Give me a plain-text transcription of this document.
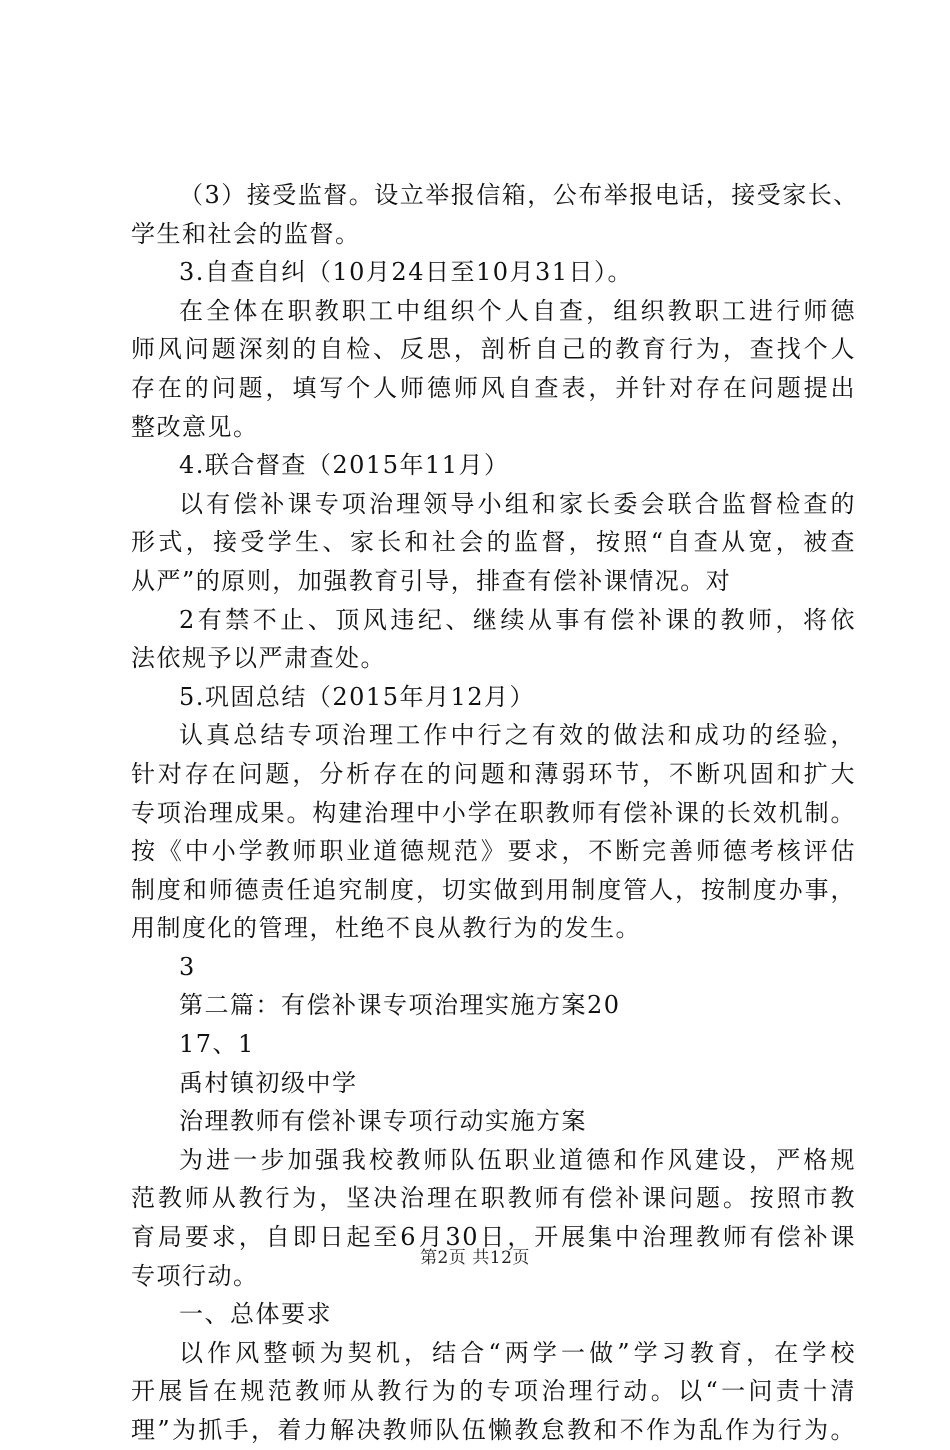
（3）接受监督。设立举报信箱，公布举报电话，接受家长、
学生和社会的监督。
3.自查自纠（10月24日至10月31日）。
在全体在职教职工中组织个人自查，组织教职工进行师德
师风问题深刻的自检、反思，剖析自己的教育行为，查找个人
存在的问题，填写个人师德师风自查表，并针对存在问题提出
整改意见。
4.联合督查（2015年11月）
以有偿补课专项治理领导小组和家长委会联合监督检查的
形式，接受学生、家长和社会的监督，按照“自查从宽，被查
从严”的原则，加强教育引导，排查有偿补课情况。对
2有禁不止、顶风违纪、继续从事有偿补课的教师，将依
法依规予以严肃查处。
5.巩固总结（2015年月12月）
认真总结专项治理工作中行之有效的做法和成功的经验，
针对存在问题，分析存在的问题和薄弱环节，不断巩固和扩大
专项治理成果。构建治理中小学在职教师有偿补课的长效机制。
按《中小学教师职业道德规范》要求，不断完善师德考核评估
制度和师德责任追究制度，切实做到用制度管人，按制度办事，
用制度化的管理，杜绝不良从教行为的发生。
3
第二篇：有偿补课专项治理实施方案20
17、1
禹村镇初级中学
治理教师有偿补课专项行动实施方案
为进一步加强我校教师队伍职业道德和作风建设，严格规
范教师从教行为，坚决治理在职教师有偿补课问题。按照市教
育局要求，自即日起至6月30日，开展集中治理教师有偿补课
专项行动。
一、总体要求
以作风整顿为契机，结合“两学一做”学习教育，在学校
开展旨在规范教师从教行为的专项治理行动。以“一问责十清
理”为抓手，着力解决教师队伍懒教怠教和不作为乱作为行为。
第2页 共12页
